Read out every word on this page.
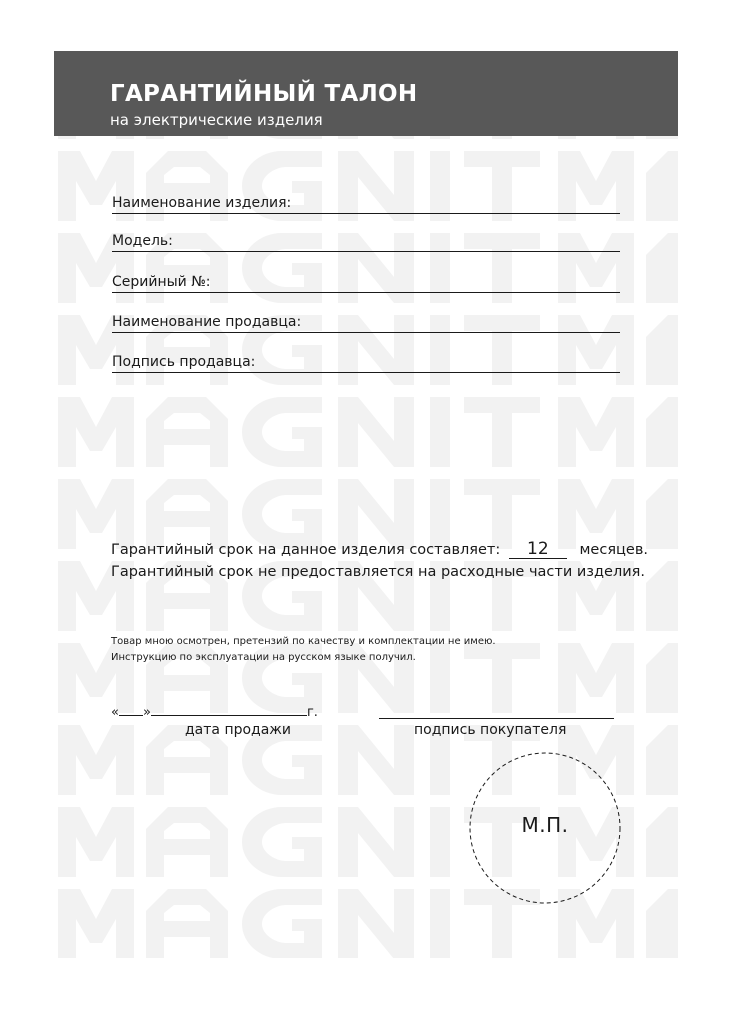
ГАРАНТИЙНЫЙ ТАЛОН
на электрические изделия
Наименование изделия:
Модель:
Серийный №:
Наименование продавца:
Подпись продавца:
Гарантийный срок на данное изделия составляет: 12 месяцев.
Гарантийный срок не предоставляется на расходные части изделия.
Товар мною осмотрен, претензий по качеству и комплектации не имею.
Инструкцию по эксплуатации на русском языке получил.
« »	г.
дата продажи	подпись покупателя
М.П.
